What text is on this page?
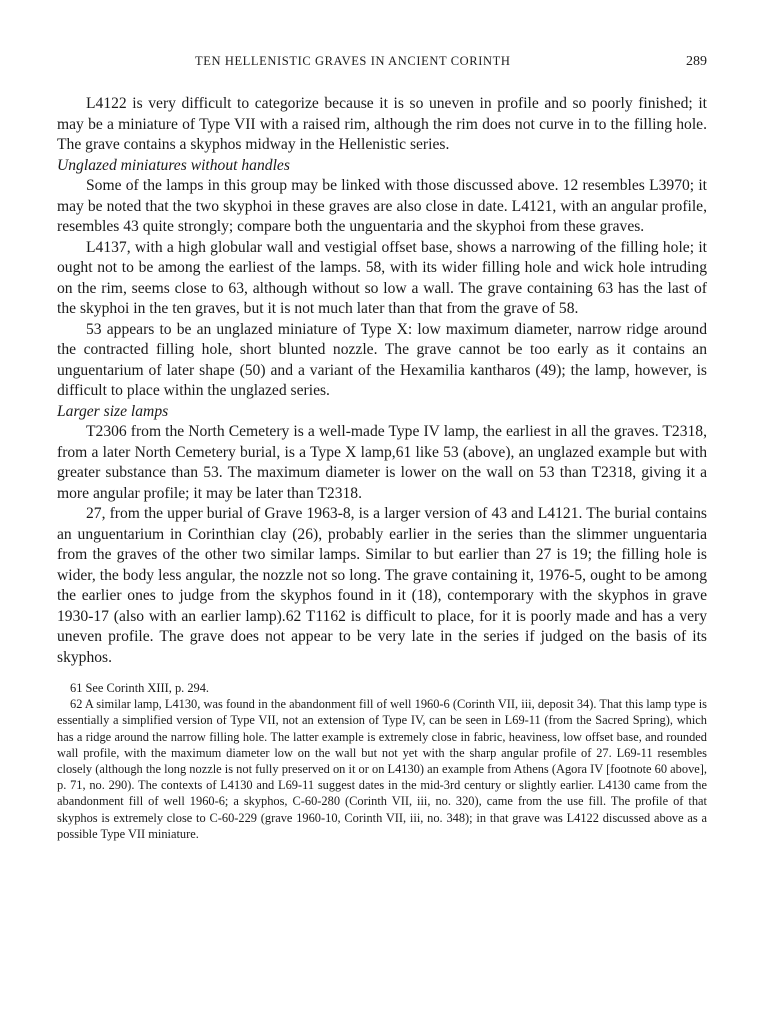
TEN HELLENISTIC GRAVES IN ANCIENT CORINTH	289

L4122 is very difficult to categorize because it is so uneven in profile and so poorly finished; it may be a miniature of Type VII with a raised rim, although the rim does not curve in to the filling hole. The grave contains a skyphos midway in the Hellenistic series.

Unglazed miniatures without handles

Some of the lamps in this group may be linked with those discussed above. 12 resembles L3970; it may be noted that the two skyphoi in these graves are also close in date. L4121, with an angular profile, resembles 43 quite strongly; compare both the unguentaria and the skyphoi from these graves.

L4137, with a high globular wall and vestigial offset base, shows a narrowing of the filling hole; it ought not to be among the earliest of the lamps. 58, with its wider filling hole and wick hole intruding on the rim, seems close to 63, although without so low a wall. The grave containing 63 has the last of the skyphoi in the ten graves, but it is not much later than that from the grave of 58.

53 appears to be an unglazed miniature of Type X: low maximum diameter, narrow ridge around the contracted filling hole, short blunted nozzle. The grave cannot be too early as it contains an unguentarium of later shape (50) and a variant of the Hexamilia kantharos (49); the lamp, however, is difficult to place within the unglazed series.

Larger size lamps

T2306 from the North Cemetery is a well-made Type IV lamp, the earliest in all the graves. T2318, from a later North Cemetery burial, is a Type X lamp,61 like 53 (above), an unglazed example but with greater substance than 53. The maximum diameter is lower on the wall on 53 than T2318, giving it a more angular profile; it may be later than T2318.

27, from the upper burial of Grave 1963-8, is a larger version of 43 and L4121. The burial contains an unguentarium in Corinthian clay (26), probably earlier in the series than the slimmer unguentaria from the graves of the other two similar lamps. Similar to but earlier than 27 is 19; the filling hole is wider, the body less angular, the nozzle not so long. The grave containing it, 1976-5, ought to be among the earlier ones to judge from the skyphos found in it (18), contemporary with the skyphos in grave 1930-17 (also with an earlier lamp).62 T1162 is difficult to place, for it is poorly made and has a very uneven profile. The grave does not appear to be very late in the series if judged on the basis of its skyphos.

61 See Corinth XIII, p. 294.

62 A similar lamp, L4130, was found in the abandonment fill of well 1960-6 (Corinth VII, iii, deposit 34). That this lamp type is essentially a simplified version of Type VII, not an extension of Type IV, can be seen in L69-11 (from the Sacred Spring), which has a ridge around the narrow filling hole. The latter example is extremely close in fabric, heaviness, low offset base, and rounded wall profile, with the maximum diameter low on the wall but not yet with the sharp angular profile of 27. L69-11 resembles closely (although the long nozzle is not fully preserved on it or on L4130) an example from Athens (Agora IV [footnote 60 above], p. 71, no. 290). The contexts of L4130 and L69-11 suggest dates in the mid-3rd century or slightly earlier. L4130 came from the abandonment fill of well 1960-6; a skyphos, C-60-280 (Corinth VII, iii, no. 320), came from the use fill. The profile of that skyphos is extremely close to C-60-229 (grave 1960-10, Corinth VII, iii, no. 348); in that grave was L4122 discussed above as a possible Type VII miniature.
